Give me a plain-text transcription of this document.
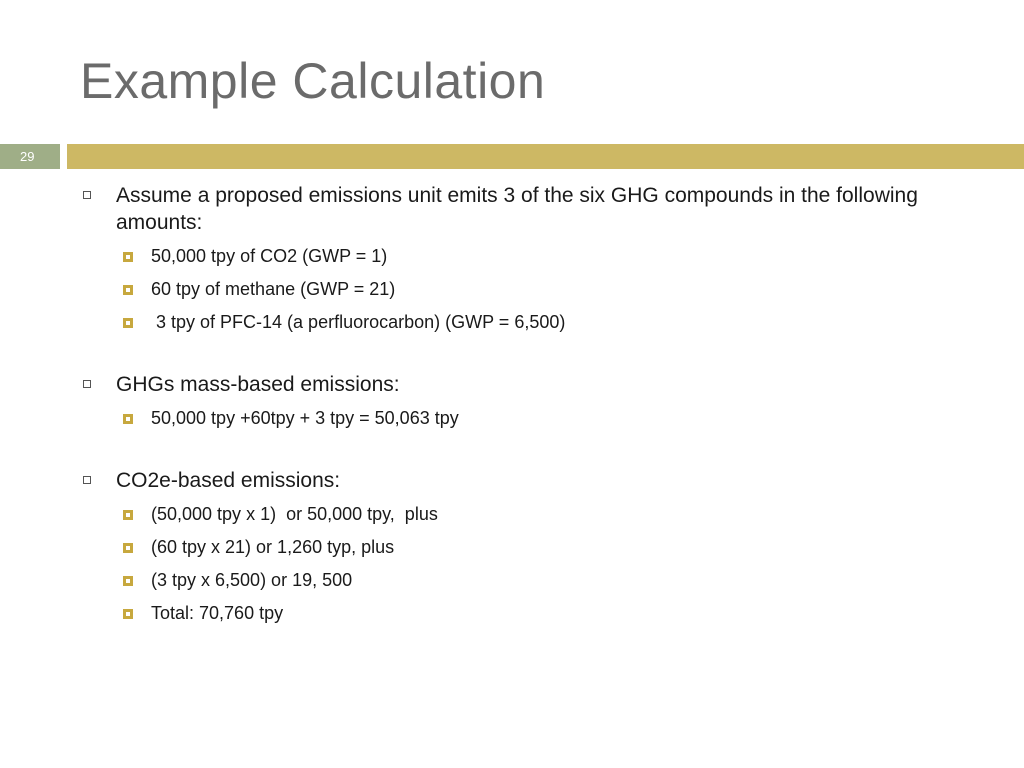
Example Calculation
29
Assume a proposed emissions unit emits 3 of the six GHG compounds in the following amounts:
50,000 tpy of CO2 (GWP = 1)
60 tpy of methane (GWP = 21)
3 tpy of PFC-14 (a perfluorocarbon) (GWP = 6,500)
GHGs mass-based emissions:
50,000 tpy +60tpy + 3 tpy = 50,063 tpy
CO2e-based emissions:
(50,000 tpy x 1)  or 50,000 tpy,  plus
(60 tpy x 21) or 1,260 typ, plus
(3 tpy x 6,500) or 19, 500
Total: 70,760 tpy
